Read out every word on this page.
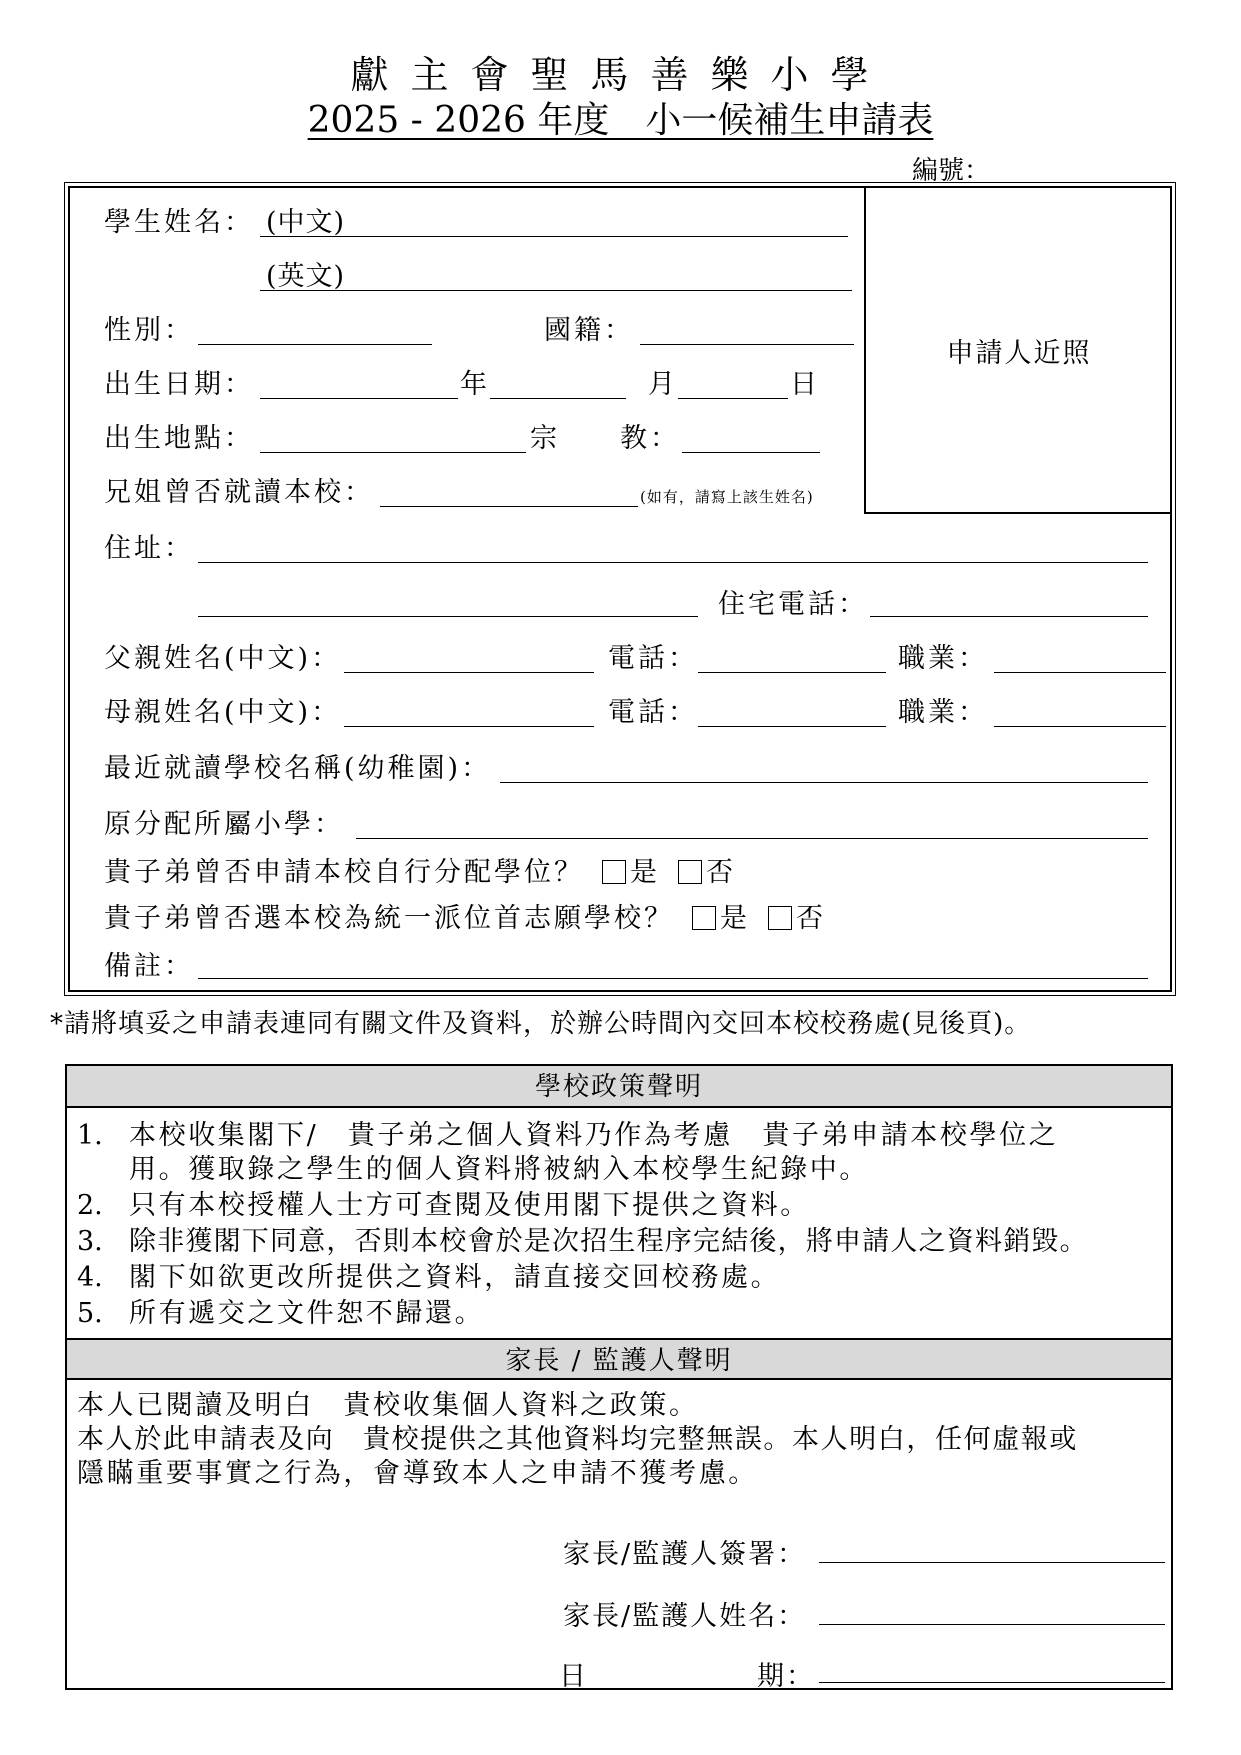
獻主會聖馬善樂小學
2025 - 2026 年度　小一候補生申請表
編號：
申請人近照
學生姓名： (中文)
(英文)
性別：	國籍：
出生日期：	年	月	日
出生地點：	宗　　教：
兄姐曾否就讀本校：	(如有，請寫上該生姓名)
住址：
住宅電話：
父親姓名(中文)：	電話：	職業：
母親姓名(中文)：	電話：	職業：
最近就讀學校名稱(幼稚園)：
原分配所屬小學：
貴子弟曾否申請本校自行分配學位？ 是 否
貴子弟曾否選本校為統一派位首志願學校？ 是 否
備註：
*請將填妥之申請表連同有關文件及資料，於辦公時間內交回本校校務處(見後頁)。
學校政策聲明
1. 本校收集閣下/　貴子弟之個人資料乃作為考慮　貴子弟申請本校學位之
用。獲取錄之學生的個人資料將被納入本校學生紀錄中。
2. 只有本校授權人士方可查閱及使用閣下提供之資料。
3. 除非獲閣下同意，否則本校會於是次招生程序完結後，將申請人之資料銷毀。
4. 閣下如欲更改所提供之資料，請直接交回校務處。
5. 所有遞交之文件恕不歸還。
家長 / 監護人聲明
本人已閱讀及明白　貴校收集個人資料之政策。
本人於此申請表及向　貴校提供之其他資料均完整無誤。本人明白，任何虛報或
隱瞞重要事實之行為，會導致本人之申請不獲考慮。
家長/監護人簽署：
家長/監護人姓名：
日	期：
